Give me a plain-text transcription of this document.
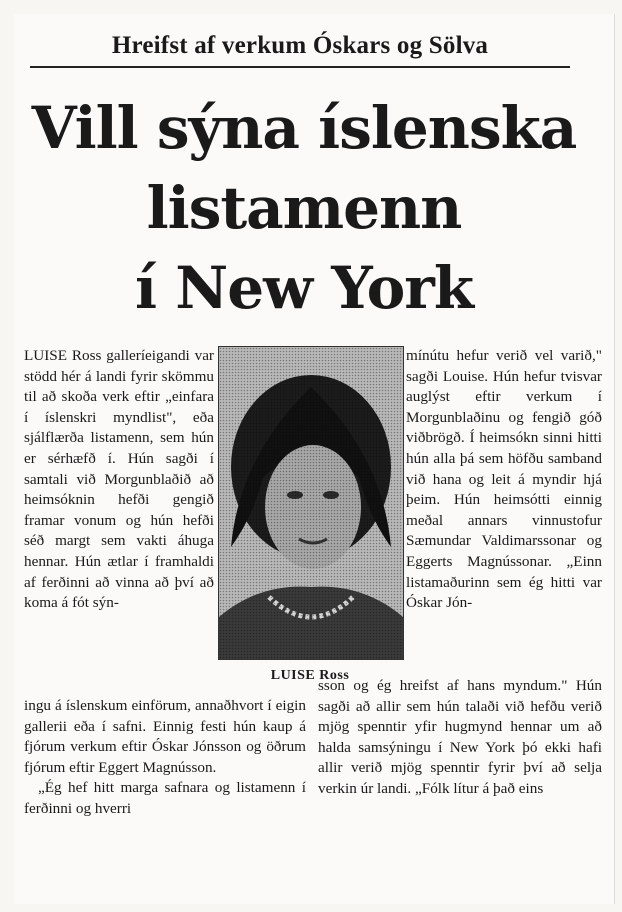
Hreifst af verkum Óskars og Sölva
Vill sýna íslenska
listamenn
í New York

LUISE Ross galleríeigandi var stödd hér á landi fyrir skömmu til að skoða verk eftir „einfara í íslenskri myndlist", eða sjálflærða listamenn, sem hún er sérhæfð í. Hún sagði í samtali við Morgunblaðið að heimsóknin hefði gengið framar vonum og hún hefði séð margt sem vakti áhuga hennar. Hún ætlar í framhaldi af ferðinni að vinna að því að koma á fót sýn-

LUISE Ross

ingu á íslenskum einförum, annaðhvort í eigin gallerii eða í safni. Einnig festi hún kaup á fjórum verkum eftir Óskar Jónsson og öðrum fjórum eftir Eggert Magnússon.

„Ég hef hitt marga safnara og listamenn í ferðinni og hverri

mínútu hefur verið vel varið," sagði Louise. Hún hefur tvisvar auglýst eftir verkum í Morgunblaðinu og fengið góð viðbrögð. Í heimsókn sinni hitti hún alla þá sem höfðu samband við hana og leit á myndir hjá þeim. Hún heimsótti einnig meðal annars vinnustofur Sæmundar Valdimarssonar og Eggerts Magnússonar. „Einn listamaðurinn sem ég hitti var Óskar Jón-

sson og ég hreifst af hans myndum." Hún sagði að allir sem hún talaði við hefðu verið mjög spenntir yfir hugmynd hennar um að halda samsýningu í New York þó ekki hafi allir verið mjög spenntir fyrir því að selja verkin úr landi. „Fólk lítur á það eins
